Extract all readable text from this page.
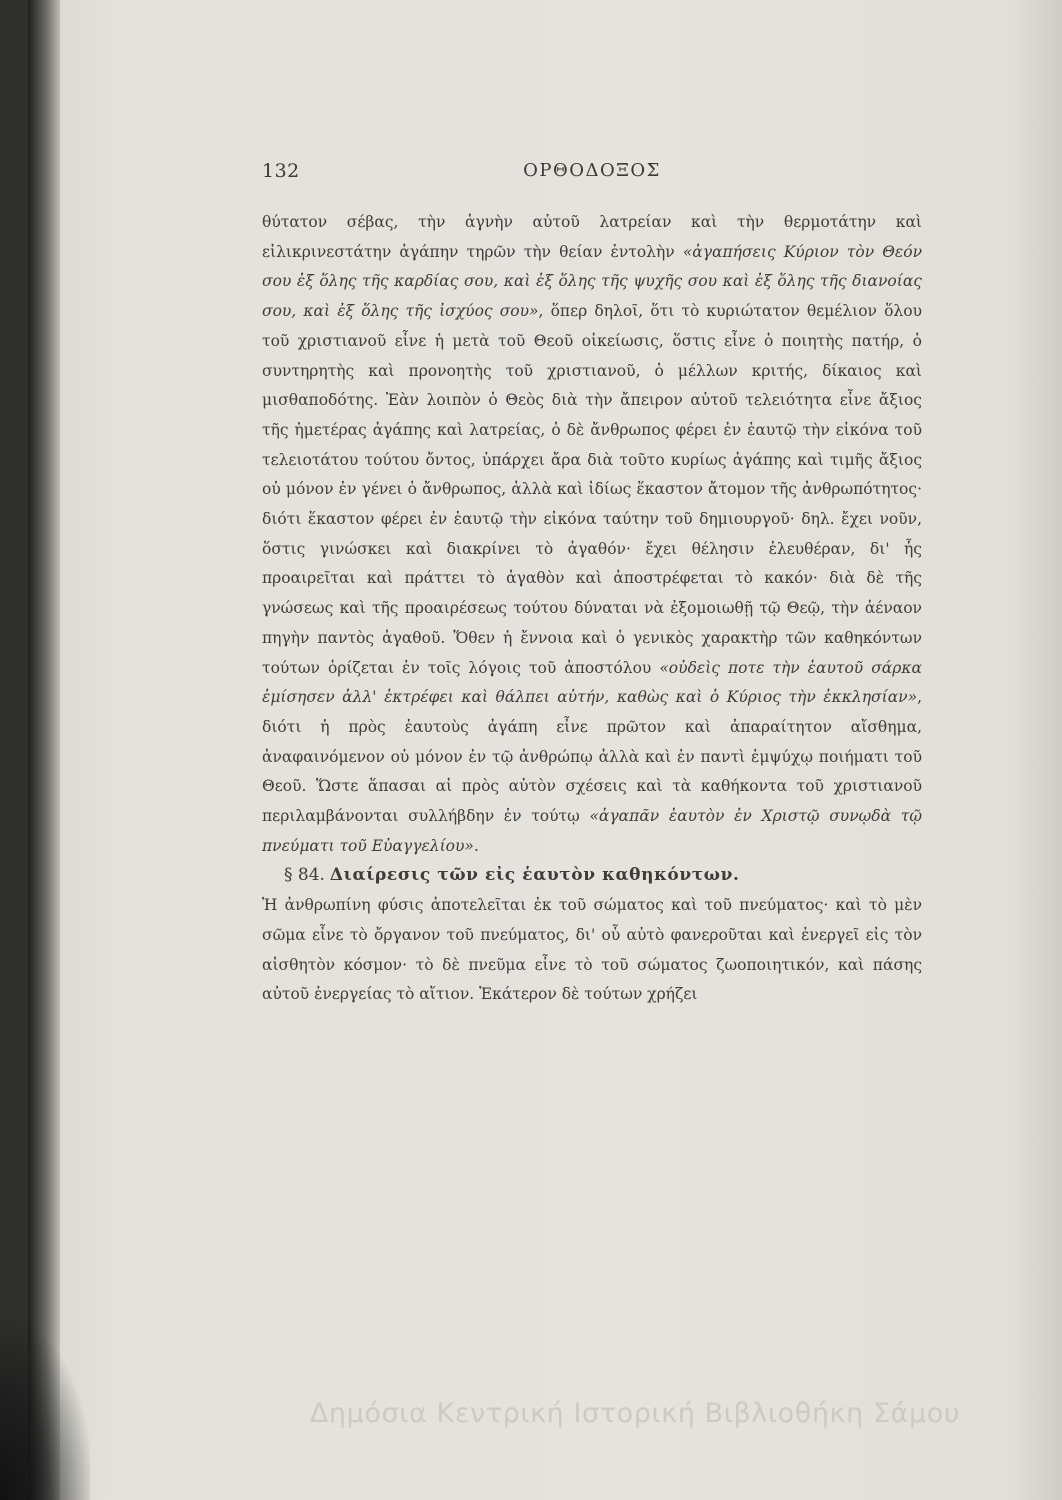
132	ΟΡΘΟΔΟΞΟΣ

θύτατον σέβας, τὴν ἁγνὴν αὐτοῦ λατρείαν καὶ τὴν θερμοτάτην καὶ εἰλικρινεστάτην ἀγάπην τηρῶν τὴν θείαν ἐντολὴν «ἀγαπήσεις Κύριον τὸν Θεόν σου ἐξ ὅλης τῆς καρδίας σου, καὶ ἐξ ὅλης τῆς ψυχῆς σου καὶ ἐξ ὅλης τῆς διανοίας σου, καὶ ἐξ ὅλης τῆς ἰσχύος σου», ὅπερ δηλοῖ, ὅτι τὸ κυριώτατον θεμέλιον ὅλου τοῦ χριστιανοῦ εἶνε ἡ μετὰ τοῦ Θεοῦ οἰκείωσις, ὅστις εἶνε ὁ ποιητὴς πατήρ, ὁ συντηρητὴς καὶ προνοητὴς τοῦ χριστιανοῦ, ὁ μέλλων κριτής, δίκαιος καὶ μισθαποδότης. Ἐὰν λοιπὸν ὁ Θεὸς διὰ τὴν ἄπειρον αὐτοῦ τελειότητα εἶνε ἄξιος τῆς ἡμετέρας ἀγάπης καὶ λατρείας, ὁ δὲ ἄνθρωπος φέρει ἐν ἑαυτῷ τὴν εἰκόνα τοῦ τελειοτάτου τούτου ὄντος, ὑπάρχει ἄρα διὰ τοῦτο κυρίως ἀγάπης καὶ τιμῆς ἄξιος οὐ μόνον ἐν γένει ὁ ἄνθρωπος, ἀλλὰ καὶ ἰδίως ἕκαστον ἄτομον τῆς ἀνθρωπότητος· διότι ἕκαστον φέρει ἐν ἑαυτῷ τὴν εἰκόνα ταύτην τοῦ δημιουργοῦ· δηλ. ἔχει νοῦν, ὅστις γινώσκει καὶ διακρίνει τὸ ἀγαθόν· ἔχει θέλησιν ἐλευθέραν, δι' ἧς προαιρεῖται καὶ πράττει τὸ ἀγαθὸν καὶ ἀποστρέφεται τὸ κακόν· διὰ δὲ τῆς γνώσεως καὶ τῆς προαιρέσεως τούτου δύναται νὰ ἐξομοιωθῇ τῷ Θεῷ, τὴν ἀέναον πηγὴν παντὸς ἀγαθοῦ. Ὅθεν ἡ ἔννοια καὶ ὁ γενικὸς χαρακτὴρ τῶν καθηκόντων τούτων ὁρίζεται ἐν τοῖς λόγοις τοῦ ἀποστόλου «οὐδεὶς ποτε τὴν ἑαυτοῦ σάρκα ἐμίσησεν ἀλλ' ἐκτρέφει καὶ θάλπει αὐτήν, καθὼς καὶ ὁ Κύριος τὴν ἐκκλησίαν», διότι ἡ πρὸς ἑαυτοὺς ἀγάπη εἶνε πρῶτον καὶ ἀπαραίτητον αἴσθημα, ἀναφαινόμενον οὐ μόνον ἐν τῷ ἀνθρώπῳ ἀλλὰ καὶ ἐν παντὶ ἐμψύχῳ ποιήματι τοῦ Θεοῦ. Ὥστε ἅπασαι αἱ πρὸς αὐτὸν σχέσεις καὶ τὰ καθήκοντα τοῦ χριστιανοῦ περιλαμβάνονται συλλήβδην ἐν τούτῳ «ἀγαπᾶν ἑαυτὸν ἐν Χριστῷ συνῳδὰ τῷ πνεύματι τοῦ Εὐαγγελίου».

§ 84. Διαίρεσις τῶν εἰς ἑαυτὸν καθηκόντων.

Ἡ ἀνθρωπίνη φύσις ἀποτελεῖται ἐκ τοῦ σώματος καὶ τοῦ πνεύματος· καὶ τὸ μὲν σῶμα εἶνε τὸ ὄργανον τοῦ πνεύματος, δι' οὗ αὐτὸ φανεροῦται καὶ ἐνεργεῖ εἰς τὸν αἰσθητὸν κόσμον· τὸ δὲ πνεῦμα εἶνε τὸ τοῦ σώματος ζωοποιητικόν, καὶ πάσης αὐτοῦ ἐνεργείας τὸ αἴτιον. Ἑκάτερον δὲ τούτων χρήζει

Δημόσια Κεντρική Ιστορική Βιβλιοθήκη Σάμου
